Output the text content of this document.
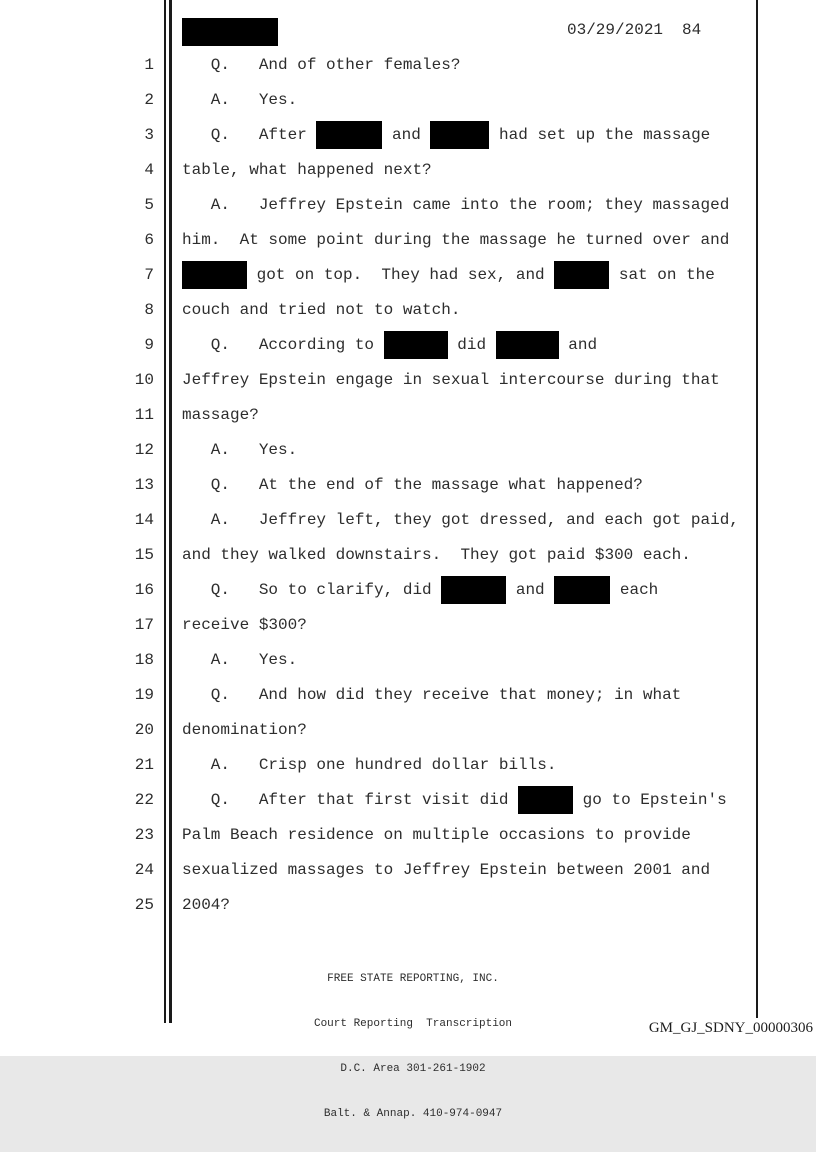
03/29/2021 84
1 Q.   And of other females?
2 A.   Yes.
3 Q.   After	and	had set up the massage
4 table, what happened next?
5 A.   Jeffrey Epstein came into the room; they massaged
6 him.  At some point during the massage he turned over and
7	got on top.  They had sex, and	sat on the
8 couch and tried not to watch.
9 Q.   According to	did	and
10 Jeffrey Epstein engage in sexual intercourse during that
11 massage?
12 A.   Yes.
13 Q.   At the end of the massage what happened?
14 A.   Jeffrey left, they got dressed, and each got paid,
15 and they walked downstairs.  They got paid $300 each.
16 Q.   So to clarify, did	and	each
17 receive $300?
18 A.   Yes.
19 Q.   And how did they receive that money; in what
20 denomination?
21 A.   Crisp one hundred dollar bills.
22 Q.   After that first visit did	go to Epstein's
23 Palm Beach residence on multiple occasions to provide
24 sexualized massages to Jeffrey Epstein between 2001 and
25 2004?

FREE STATE REPORTING, INC.

Court Reporting  Transcription

D.C. Area 301-261-1902

Balt. & Annap. 410-974-0947

GM_GJ_SDNY_00000306
